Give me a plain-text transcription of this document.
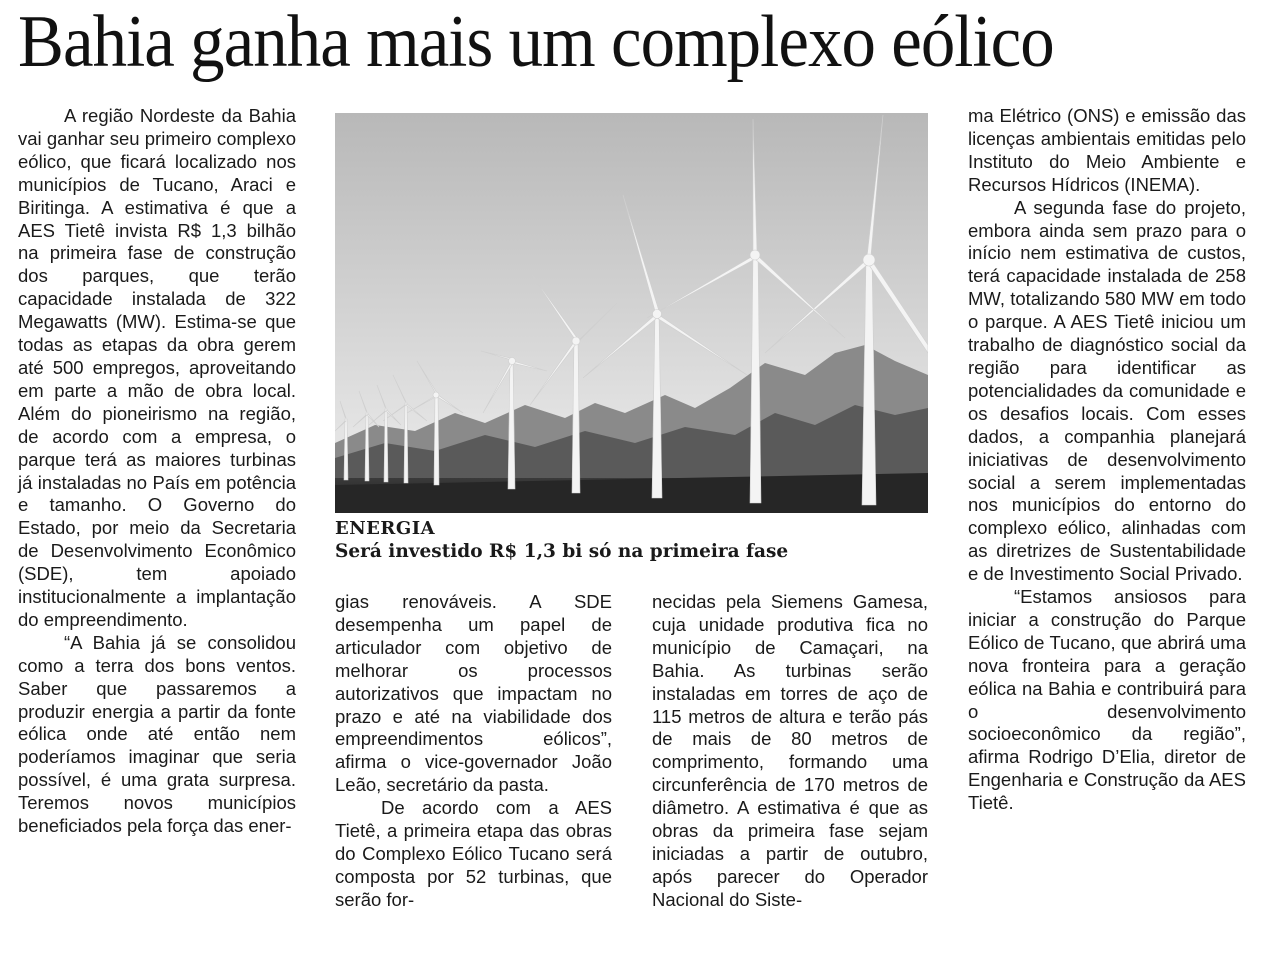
Bahia ganha mais um complexo eólico

A região Nordeste da Bahia vai ganhar seu primeiro complexo eólico, que ficará localizado nos municípios de Tucano, Araci e Biritinga. A estimativa é que a AES Tietê invista R$ 1,3 bilhão na primeira fase de construção dos parques, que terão capacidade instalada de 322 Megawatts (MW). Estima-se que todas as etapas da obra gerem até 500 empregos, aproveitando em parte a mão de obra local. Além do pioneirismo na região, de acordo com a empresa, o parque terá as maiores turbinas já instaladas no País em potência e tamanho. O Governo do Estado, por meio da Secretaria de Desenvolvimento Econômico (SDE), tem apoiado institucionalmente a implantação do empreendimento.

“A Bahia já se consolidou como a terra dos bons ventos. Saber que passaremos a produzir energia a partir da fonte eólica onde até então nem poderíamos imaginar que seria possível, é uma grata surpresa. Teremos novos municípios beneficiados pela força das ener-

ENERGIA
Será investido R$ 1,3 bi só na primeira fase

gias renováveis. A SDE desempenha um papel de articulador com objetivo de melhorar os processos autorizativos que impactam no prazo e até na viabilidade dos empreendimentos eólicos”, afirma o vice-governador João Leão, secretário da pasta.

De acordo com a AES Tietê, a primeira etapa das obras do Complexo Eólico Tucano será composta por 52 turbinas, que serão for-

necidas pela Siemens Gamesa, cuja unidade produtiva fica no município de Camaçari, na Bahia. As turbinas serão instaladas em torres de aço de 115 metros de altura e terão pás de mais de 80 metros de comprimento, formando uma circunferência de 170 metros de diâmetro. A estimativa é que as obras da primeira fase sejam iniciadas a partir de outubro, após parecer do Operador Nacional do Siste-

ma Elétrico (ONS) e emissão das licenças ambientais emitidas pelo Instituto do Meio Ambiente e Recursos Hídricos (INEMA).

A segunda fase do projeto, embora ainda sem prazo para o início nem estimativa de custos, terá capacidade instalada de 258 MW, totalizando 580 MW em todo o parque. A AES Tietê iniciou um trabalho de diagnóstico social da região para identificar as potencialidades da comunidade e os desafios locais. Com esses dados, a companhia planejará iniciativas de desenvolvimento social a serem implementadas nos municípios do entorno do complexo eólico, alinhadas com as diretrizes de Sustentabilidade e de Investimento Social Privado.

“Estamos ansiosos para iniciar a construção do Parque Eólico de Tucano, que abrirá uma nova fronteira para a geração eólica na Bahia e contribuirá para o desenvolvimento socioeconômico da região”, afirma Rodrigo D’Elia, diretor de Engenharia e Construção da AES Tietê.
